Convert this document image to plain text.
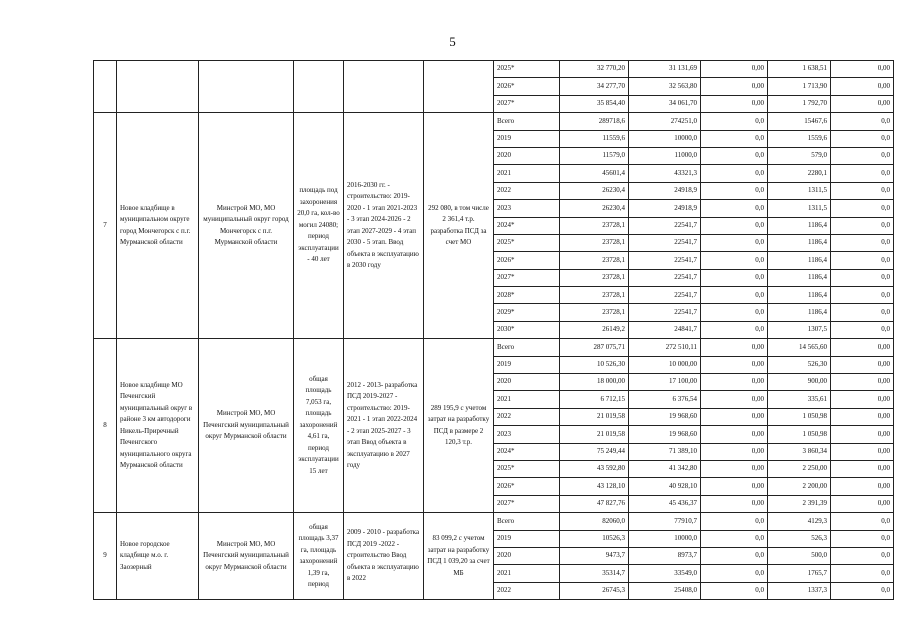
5
						2025*	32 770,20	31 131,69	0,00	1 638,51	0,00
						2026*	34 277,70	32 563,80	0,00	1 713,90	0,00
						2027*	35 854,40	34 061,70	0,00	1 792,70	0,00
7	Новое кладбище в муниципальном округе город Мончегорск с п.г. Мурманской области	Минстрой МО, МО муниципальный округ город Мончегорск с п.г. Мурманской области	площадь под захоронения 20,0 га, кол-во могил 24080; период эксплуатации - 40 лет	2016-2030 гг. - строительство: 2019-2020 - 1 этап 2021-2023 - 3 этап 2024-2026 - 2 этап 2027-2029 - 4 этап 2030 - 5 этап. Ввод объекта в эксплуатацию в 2030 году	292 080, в том числе 2 361,4 т.р. разработка ПСД за счет МО	Всего	289718,6	274251,0	0,0	15467,6	0,0
						2019	11559,6	10000,0	0,0	1559,6	0,0
						2020	11579,0	11000,0	0,0	579,0	0,0
						2021	45601,4	43321,3	0,0	2280,1	0,0
						2022	26230,4	24918,9	0,0	1311,5	0,0
						2023	26230,4	24918,9	0,0	1311,5	0,0
						2024*	23728,1	22541,7	0,0	1186,4	0,0
						2025*	23728,1	22541,7	0,0	1186,4	0,0
						2026*	23728,1	22541,7	0,0	1186,4	0,0
						2027*	23728,1	22541,7	0,0	1186,4	0,0
						2028*	23728,1	22541,7	0,0	1186,4	0,0
						2029*	23728,1	22541,7	0,0	1186,4	0,0
						2030*	26149,2	24841,7	0,0	1307,5	0,0
8	Новое кладбище МО Печенгский муниципальный округ в районе 3 км автодороги Никель-Приречный Печенгского муниципального округа Мурманской области	Минстрой МО, МО Печенгский муниципальный округ Мурманской области	общая площадь 7,053 га, площадь захоронений 4,61 га, период эксплуатации 15 лет	2012 - 2013- разработка ПСД 2019-2027 - строительство: 2019-2021 - 1 этап 2022-2024 - 2 этап 2025-2027 - 3 этап Ввод объекта в эксплуатацию в 2027 году	289 195,9 с учетом затрат на разработку ПСД в размере 2 120,3 т.р.	Всего	287 075,71	272 510,11	0,00	14 565,60	0,00
						2019	10 526,30	10 000,00	0,00	526,30	0,00
						2020	18 000,00	17 100,00	0,00	900,00	0,00
						2021	6 712,15	6 376,54	0,00	335,61	0,00
						2022	21 019,58	19 968,60	0,00	1 050,98	0,00
						2023	21 019,58	19 968,60	0,00	1 050,98	0,00
						2024*	75 249,44	71 389,10	0,00	3 860,34	0,00
						2025*	43 592,80	41 342,80	0,00	2 250,00	0,00
						2026*	43 128,10	40 928,10	0,00	2 200,00	0,00
						2027*	47 827,76	45 436,37	0,00	2 391,39	0,00
9	Новое городское кладбище м.о. г. Заозерный	Минстрой МО, МО Печенгский муниципальный округ Мурманской области	общая площадь 3,37 га, площадь захоронений 1,39 га, период	2009 - 2010 - разработка ПСД 2019 -2022 - строительство Ввод объекта в эксплуатацию в 2022	83 099,2 с учетом затрат на разработку ПСД 1 039,20 за счет МБ	Всего	82060,0	77910,7	0,0	4129,3	0,0
						2019	10526,3	10000,0	0,0	526,3	0,0
						2020	9473,7	8973,7	0,0	500,0	0,0
						2021	35314,7	33549,0	0,0	1765,7	0,0
						2022	26745,3	25408,0	0,0	1337,3	0,0
